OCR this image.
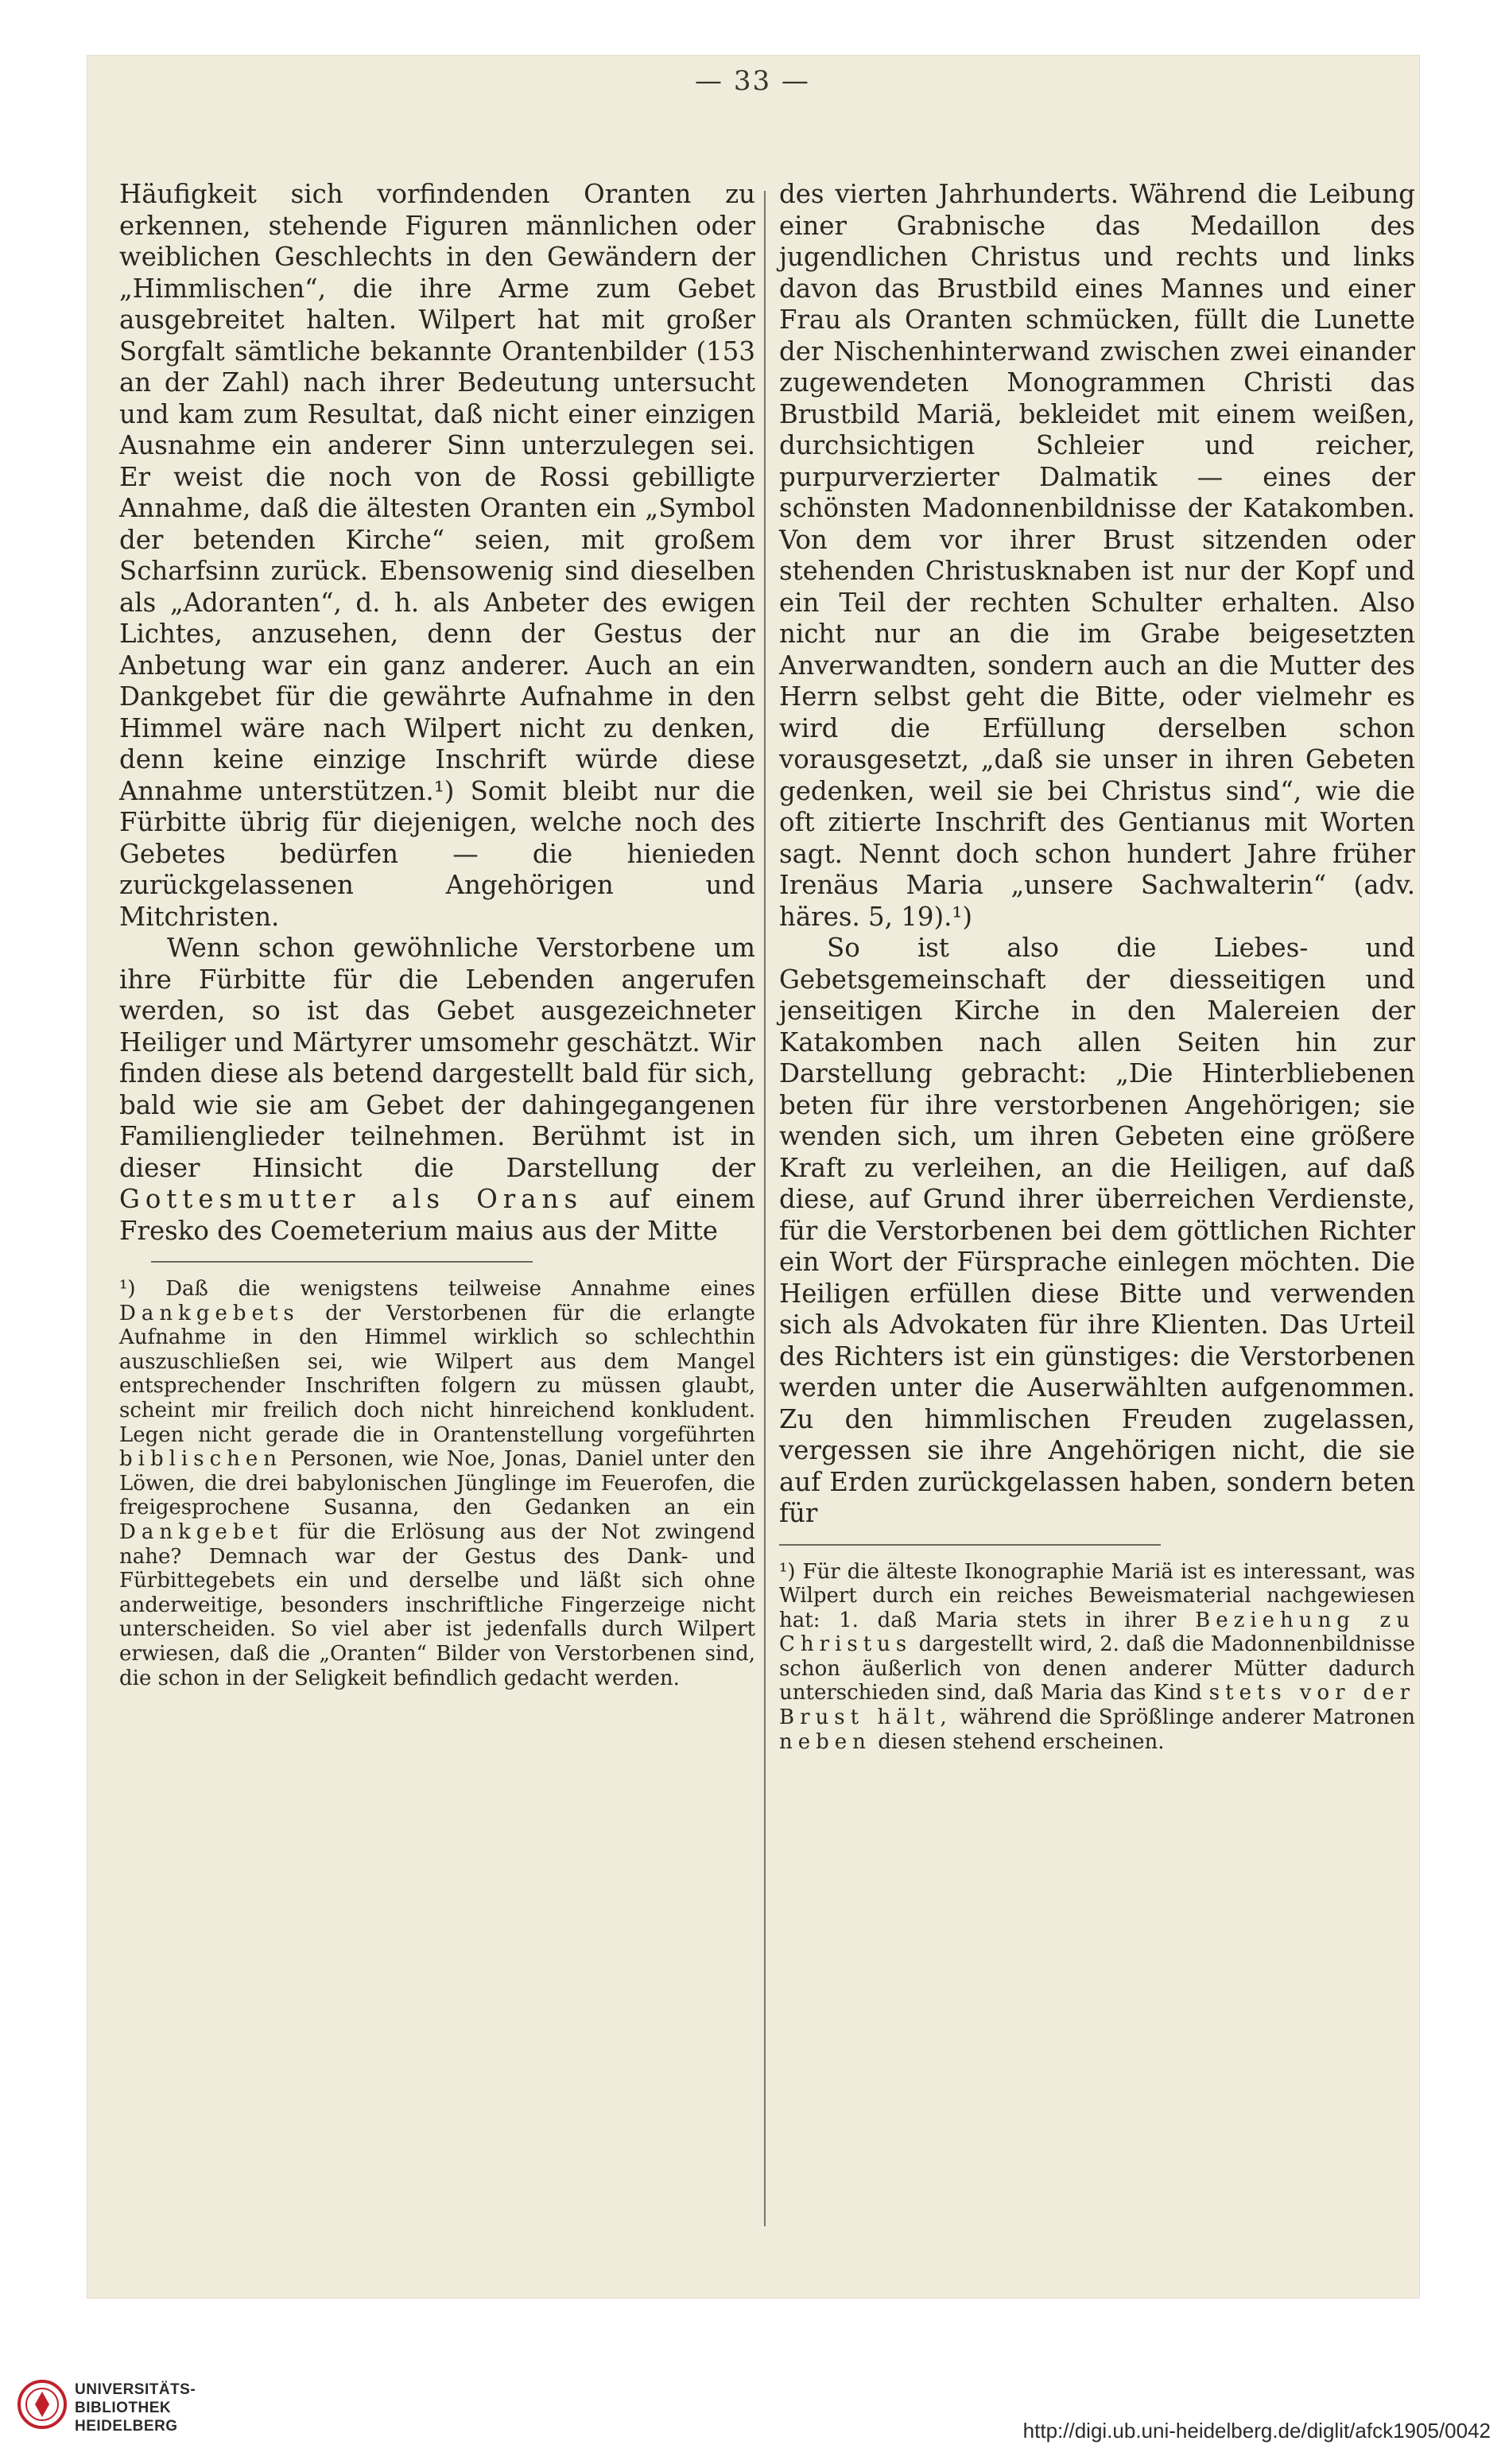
— 33 —

Häufigkeit sich vorfindenden Oranten zu erkennen, stehende Figuren männlichen oder weiblichen Geschlechts in den Gewändern der „Himmlischen“, die ihre Arme zum Gebet ausgebreitet halten. Wilpert hat mit großer Sorgfalt sämtliche bekannte Orantenbilder (153 an der Zahl) nach ihrer Bedeutung untersucht und kam zum Resultat, daß nicht einer einzigen Ausnahme ein anderer Sinn unterzulegen sei. Er weist die noch von de Rossi gebilligte Annahme, daß die ältesten Oranten ein „Symbol der betenden Kirche“ seien, mit großem Scharfsinn zurück. Ebensowenig sind dieselben als „Adoranten“, d. h. als Anbeter des ewigen Lichtes, anzusehen, denn der Gestus der Anbetung war ein ganz anderer. Auch an ein Dankgebet für die gewährte Aufnahme in den Himmel wäre nach Wilpert nicht zu denken, denn keine einzige Inschrift würde diese Annahme unterstützen.¹) Somit bleibt nur die Fürbitte übrig für diejenigen, welche noch des Gebetes bedürfen — die hienieden zurückgelassenen Angehörigen und Mitchristen.

Wenn schon gewöhnliche Verstorbene um ihre Fürbitte für die Lebenden angerufen werden, so ist das Gebet ausgezeichneter Heiliger und Märtyrer umsomehr geschätzt. Wir finden diese als betend dargestellt bald für sich, bald wie sie am Gebet der dahingegangenen Familienglieder teilnehmen. Berühmt ist in dieser Hinsicht die Darstellung der Gottesmutter als Orans auf einem Fresko des Coemeterium maius aus der Mitte

¹) Daß die wenigstens teilweise Annahme eines Dankgebets der Verstorbenen für die erlangte Aufnahme in den Himmel wirklich so schlechthin auszuschließen sei, wie Wilpert aus dem Mangel entsprechender Inschriften folgern zu müssen glaubt, scheint mir freilich doch nicht hinreichend konkludent. Legen nicht gerade die in Orantenstellung vorgeführten biblischen Personen, wie Noe, Jonas, Daniel unter den Löwen, die drei babylonischen Jünglinge im Feuerofen, die freigesprochene Susanna, den Gedanken an ein Dankgebet für die Erlösung aus der Not zwingend nahe? Demnach war der Gestus des Dank- und Fürbittegebets ein und derselbe und läßt sich ohne anderweitige, besonders inschriftliche Fingerzeige nicht unterscheiden. So viel aber ist jedenfalls durch Wilpert erwiesen, daß die „Oranten“ Bilder von Verstorbenen sind, die schon in der Seligkeit befindlich gedacht werden.

des vierten Jahrhunderts. Während die Leibung einer Grabnische das Medaillon des jugendlichen Christus und rechts und links davon das Brustbild eines Mannes und einer Frau als Oranten schmücken, füllt die Lunette der Nischenhinterwand zwischen zwei einander zugewendeten Monogrammen Christi das Brustbild Mariä, bekleidet mit einem weißen, durchsichtigen Schleier und reicher, purpurverzierter Dalmatik — eines der schönsten Madonnenbildnisse der Katakomben. Von dem vor ihrer Brust sitzenden oder stehenden Christusknaben ist nur der Kopf und ein Teil der rechten Schulter erhalten. Also nicht nur an die im Grabe beigesetzten Anverwandten, sondern auch an die Mutter des Herrn selbst geht die Bitte, oder vielmehr es wird die Erfüllung derselben schon vorausgesetzt, „daß sie unser in ihren Gebeten gedenken, weil sie bei Christus sind“, wie die oft zitierte Inschrift des Gentianus mit Worten sagt. Nennt doch schon hundert Jahre früher Irenäus Maria „unsere Sachwalterin“ (adv. häres. 5, 19).¹)

So ist also die Liebes- und Gebetsgemeinschaft der diesseitigen und jenseitigen Kirche in den Malereien der Katakomben nach allen Seiten hin zur Darstellung gebracht: „Die Hinterbliebenen beten für ihre verstorbenen Angehörigen; sie wenden sich, um ihren Gebeten eine größere Kraft zu verleihen, an die Heiligen, auf daß diese, auf Grund ihrer überreichen Verdienste, für die Verstorbenen bei dem göttlichen Richter ein Wort der Fürsprache einlegen möchten. Die Heiligen erfüllen diese Bitte und verwenden sich als Advokaten für ihre Klienten. Das Urteil des Richters ist ein günstiges: die Verstorbenen werden unter die Auserwählten aufgenommen. Zu den himmlischen Freuden zugelassen, vergessen sie ihre Angehörigen nicht, die sie auf Erden zurückgelassen haben, sondern beten für

¹) Für die älteste Ikonographie Mariä ist es interessant, was Wilpert durch ein reiches Beweismaterial nachgewiesen hat: 1. daß Maria stets in ihrer Beziehung zu Christus dargestellt wird, 2. daß die Madonnenbildnisse schon äußerlich von denen anderer Mütter dadurch unterschieden sind, daß Maria das Kind stets vor der Brust hält, während die Sprößlinge anderer Matronen neben diesen stehend erscheinen.

UNIVERSITÄTS-
BIBLIOTHEK
HEIDELBERG	http://digi.ub.uni-heidelberg.de/diglit/afck1905/0042
